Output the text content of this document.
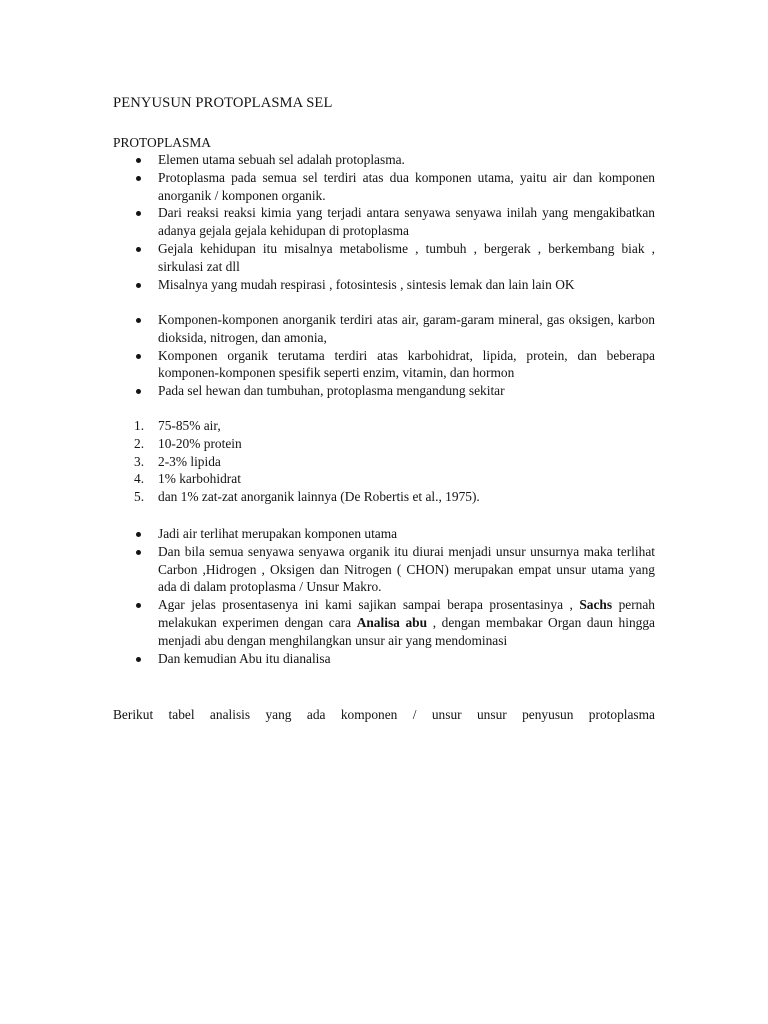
PENYUSUN PROTOPLASMA SEL

PROTOPLASMA

Elemen utama sebuah sel adalah protoplasma.
Protoplasma pada semua sel terdiri atas dua komponen utama, yaitu air dan komponen anorganik / komponen organik.
Dari reaksi reaksi kimia yang terjadi antara senyawa senyawa inilah yang mengakibatkan adanya gejala gejala kehidupan di protoplasma
Gejala kehidupan itu misalnya metabolisme , tumbuh , bergerak , berkembang biak , sirkulasi zat dll
Misalnya yang mudah respirasi , fotosintesis , sintesis lemak dan lain lain OK
Komponen-komponen anorganik terdiri atas air, garam-garam mineral, gas oksigen, karbon dioksida, nitrogen, dan amonia,
Komponen organik terutama terdiri atas karbohidrat, lipida, protein, dan beberapa komponen-komponen spesifik seperti enzim, vitamin, dan hormon
Pada sel hewan dan tumbuhan, protoplasma mengandung sekitar
1. 75-85% air,
2. 10-20% protein
3. 2-3% lipida
4. 1% karbohidrat
5. dan 1% zat-zat anorganik lainnya (De Robertis et al., 1975).
Jadi air terlihat merupakan komponen utama
Dan bila semua senyawa senyawa organik itu diurai menjadi unsur unsurnya maka terlihat Carbon ,Hidrogen , Oksigen dan Nitrogen ( CHON) merupakan empat unsur utama yang ada di dalam protoplasma / Unsur Makro.
Agar jelas prosentasenya ini kami sajikan sampai berapa prosentasinya , Sachs pernah melakukan experimen dengan cara Analisa abu , dengan membakar Organ daun hingga menjadi abu dengan menghilangkan unsur air yang mendominasi
Dan kemudian Abu itu dianalisa

Berikut tabel analisis yang ada komponen / unsur unsur penyusun protoplasma
